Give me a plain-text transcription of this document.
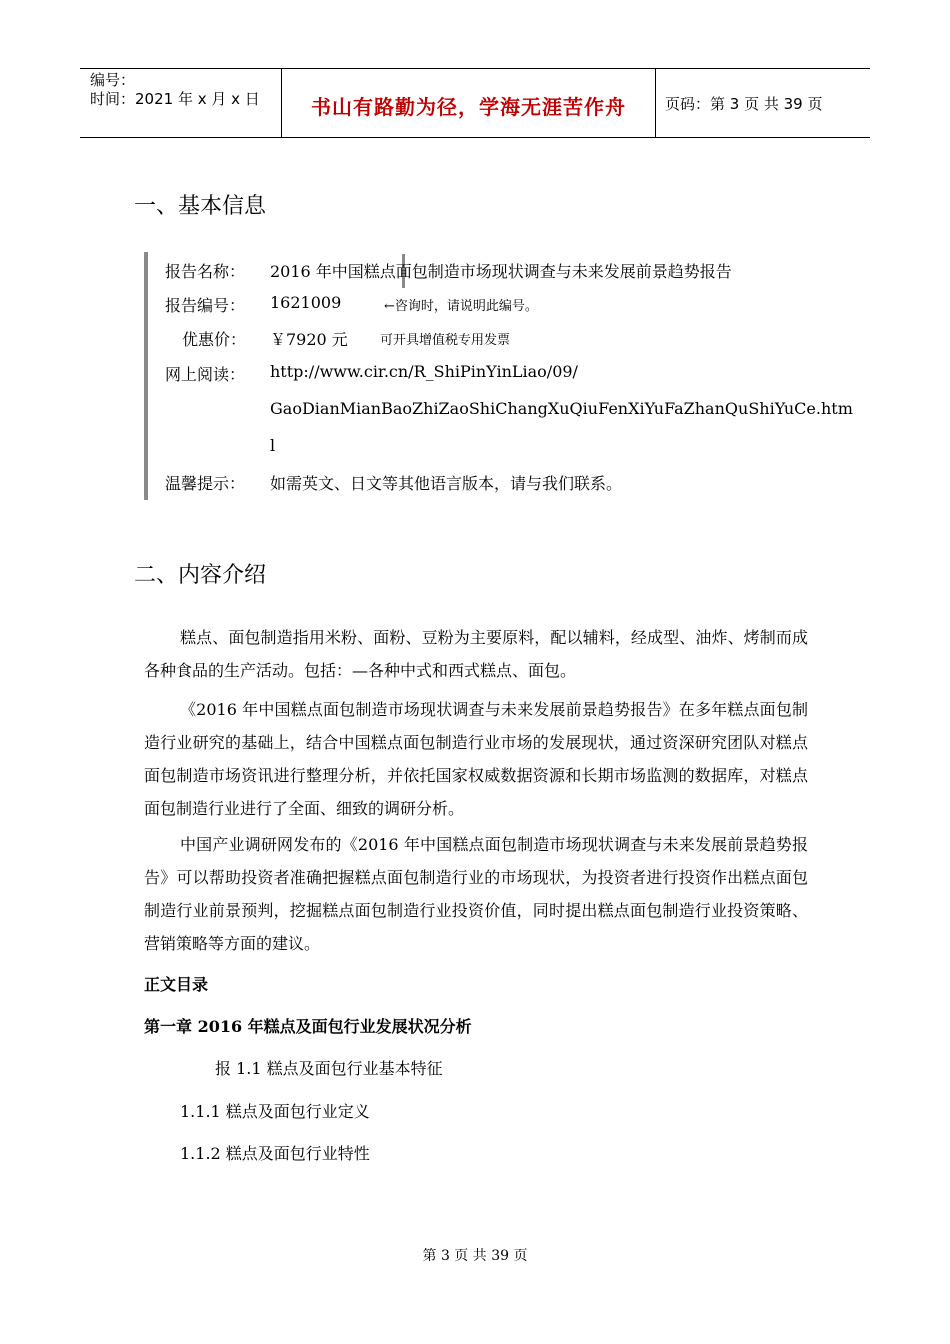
编号：
时间：2021 年 x 月 x 日	书山有路勤为径，学海无涯苦作舟	页码：第 3 页 共 39 页
一、基本信息
报告名称： 2016 年中国糕点面包制造市场现状调查与未来发展前景趋势报告
报告编号： 1621009	←咨询时，请说明此编号。
优惠价： ￥7920 元 可开具增值税专用发票
网上阅读： http://www.cir.cn/R_ShiPinYinLiao/09/
GaoDianMianBaoZhiZaoShiChangXuQiuFenXiYuFaZhanQuShiYuCe.htm
l
温馨提示： 如需英文、日文等其他语言版本，请与我们联系。
二、内容介绍

糕点、面包制造指用米粉、面粉、豆粉为主要原料，配以辅料，经成型、油炸、烤制而成各种食品的生产活动。包括：—各种中式和西式糕点、面包。

《2016 年中国糕点面包制造市场现状调查与未来发展前景趋势报告》在多年糕点面包制造行业研究的基础上，结合中国糕点面包制造行业市场的发展现状，通过资深研究团队对糕点面包制造市场资讯进行整理分析，并依托国家权威数据资源和长期市场监测的数据库，对糕点面包制造行业进行了全面、细致的调研分析。

中国产业调研网发布的《2016 年中国糕点面包制造市场现状调查与未来发展前景趋势报告》可以帮助投资者准确把握糕点面包制造行业的市场现状，为投资者进行投资作出糕点面包制造行业前景预判，挖掘糕点面包制造行业投资价值，同时提出糕点面包制造行业投资策略、营销策略等方面的建议。

正文目录
第一章 2016 年糕点及面包行业发展状况分析
报 1.1 糕点及面包行业基本特征
1.1.1 糕点及面包行业定义
1.1.2 糕点及面包行业特性
第 3 页 共 39 页
